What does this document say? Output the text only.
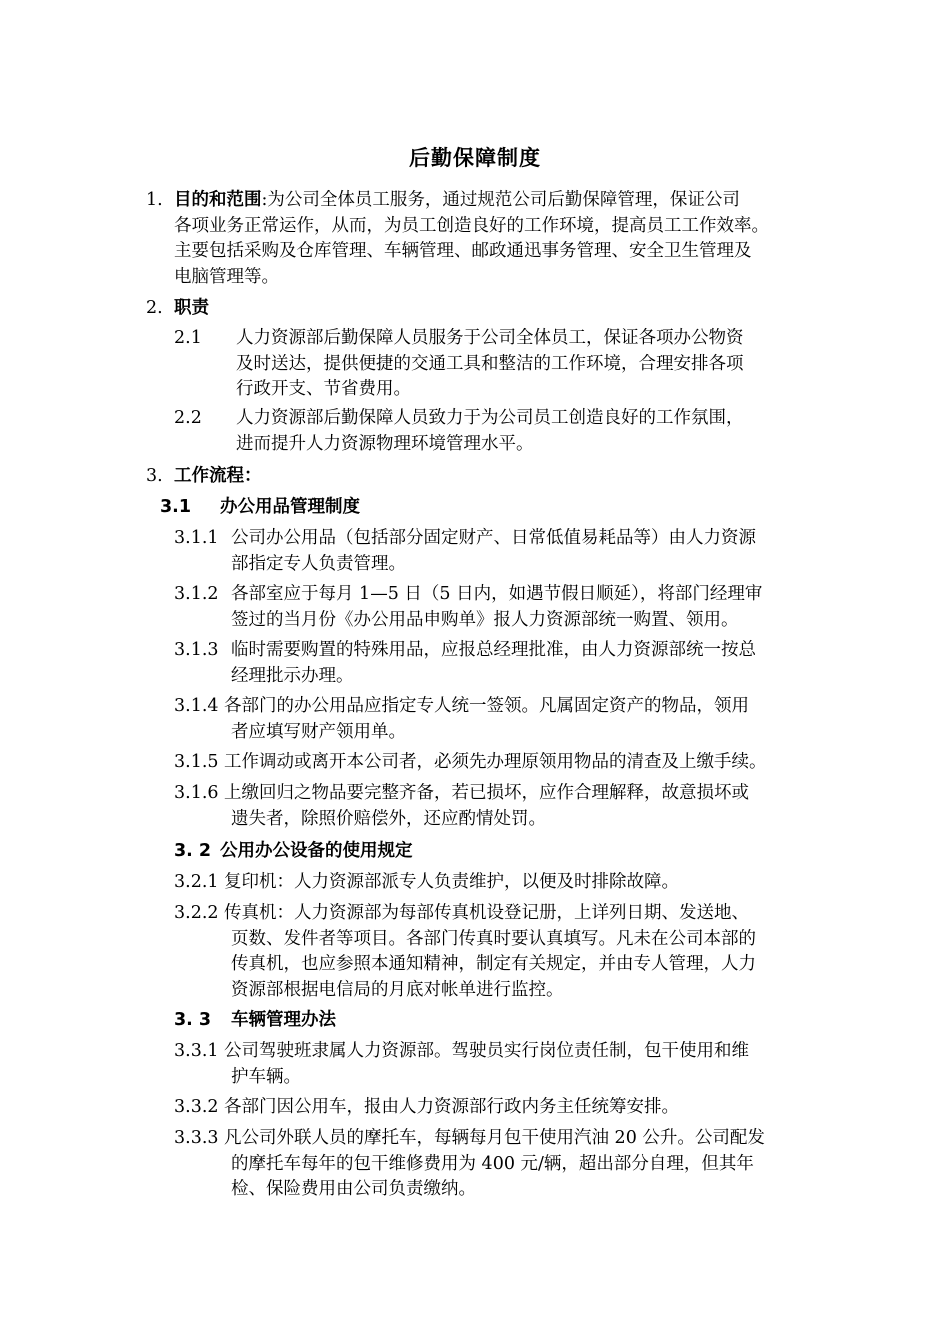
后勤保障制度
1. 目的和范围:为公司全体员工服务，通过规范公司后勤保障管理，保证公司
各项业务正常运作，从而，为员工创造良好的工作环境，提高员工工作效率。
主要包括采购及仓库管理、车辆管理、邮政通迅事务管理、安全卫生管理及
电脑管理等。
2. 职责
2.1 人力资源部后勤保障人员服务于公司全体员工，保证各项办公物资
及时送达，提供便捷的交通工具和整洁的工作环境，合理安排各项
行政开支、节省费用。
2.2 人力资源部后勤保障人员致力于为公司员工创造良好的工作氛围，
进而提升人力资源物理环境管理水平。
3. 工作流程：
3.1 办公用品管理制度
3.1.1 公司办公用品（包括部分固定财产、日常低值易耗品等）由人力资源
部指定专人负责管理。
3.1.2 各部室应于每月 1—5 日（5 日内，如遇节假日顺延），将部门经理审
签过的当月份《办公用品申购单》报人力资源部统一购置、领用。
3.1.3 临时需要购置的特殊用品，应报总经理批准，由人力资源部统一按总
经理批示办理。
3.1.4 各部门的办公用品应指定专人统一签领。凡属固定资产的物品，领用
者应填写财产领用单。
3.1.5 工作调动或离开本公司者，必须先办理原领用物品的清查及上缴手续。
3.1.6 上缴回归之物品要完整齐备，若已损坏，应作合理解释，故意损坏或
遗失者，除照价赔偿外，还应酌情处罚。
3. 2 公用办公设备的使用规定
3.2.1 复印机：人力资源部派专人负责维护，以便及时排除故障。
3.2.2 传真机：人力资源部为每部传真机设登记册，上详列日期、发送地、
页数、发件者等项目。各部门传真时要认真填写。凡未在公司本部的
传真机，也应参照本通知精神，制定有关规定，并由专人管理，人力
资源部根据电信局的月底对帐单进行监控。
3. 3 车辆管理办法
3.3.1 公司驾驶班隶属人力资源部。驾驶员实行岗位责任制，包干使用和维
护车辆。
3.3.2 各部门因公用车，报由人力资源部行政内务主任统筹安排。
3.3.3 凡公司外联人员的摩托车，每辆每月包干使用汽油 20 公升。公司配发
的摩托车每年的包干维修费用为 400 元/辆，超出部分自理，但其年
检、保险费用由公司负责缴纳。
